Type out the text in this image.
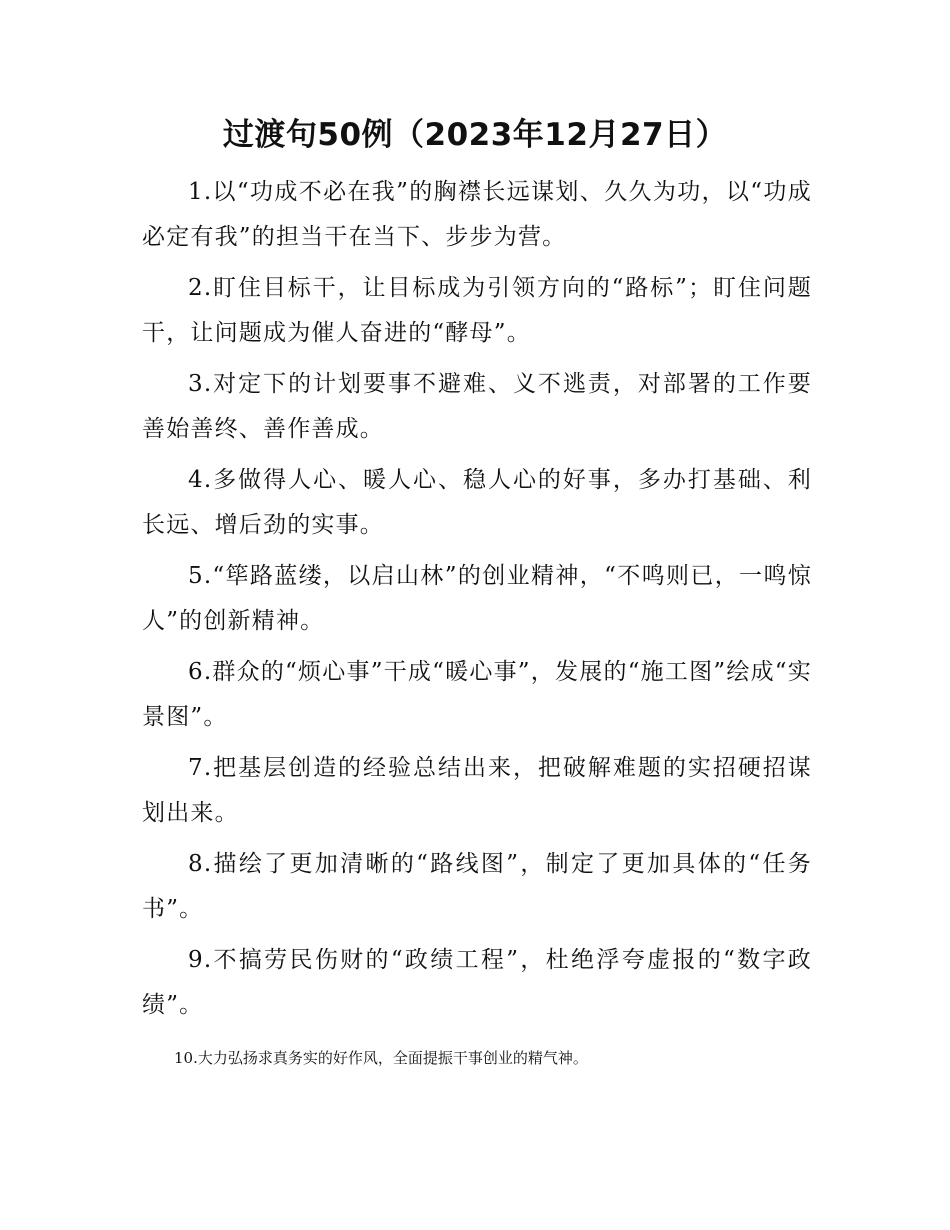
过渡句50例（2023年12月27日）
1.以“功成不必在我”的胸襟长远谋划、久久为功，以“功成必定有我”的担当干在当下、步步为营。
2.盯住目标干，让目标成为引领方向的“路标”；盯住问题干，让问题成为催人奋进的“酵母”。
3.对定下的计划要事不避难、义不逃责，对部署的工作要善始善终、善作善成。
4.多做得人心、暖人心、稳人心的好事，多办打基础、利长远、增后劲的实事。
5.“筚路蓝缕，以启山林”的创业精神，“不鸣则已，一鸣惊人”的创新精神。
6.群众的“烦心事”干成“暖心事”，发展的“施工图”绘成“实景图”。
7.把基层创造的经验总结出来，把破解难题的实招硬招谋划出来。
8.描绘了更加清晰的“路线图”，制定了更加具体的“任务书”。
9.不搞劳民伤财的“政绩工程”，杜绝浮夸虚报的“数字政绩”。

10.大力弘扬求真务实的好作风，全面提振干事创业的精气神。
